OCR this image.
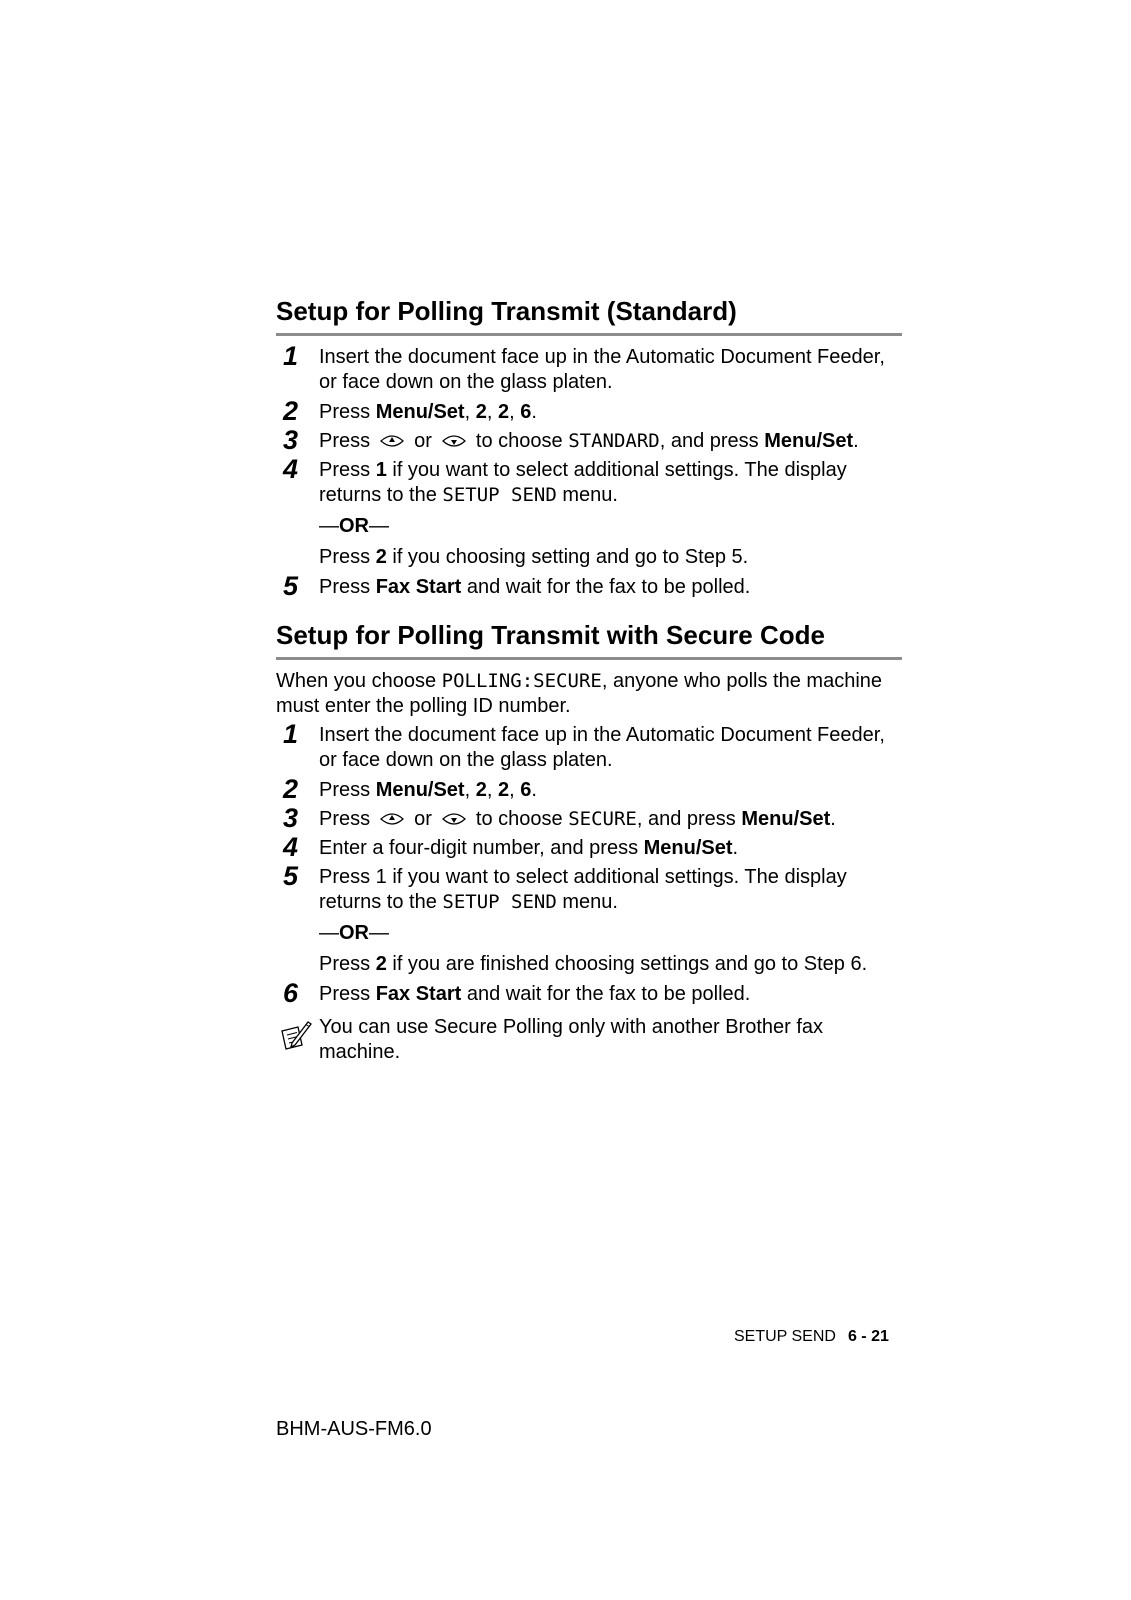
Setup for Polling Transmit (Standard)
1 Insert the document face up in the Automatic Document Feeder, or face down on the glass platen.
2 Press Menu/Set, 2, 2, 6.
3 Press or to choose STANDARD, and press Menu/Set.
4 Press 1 if you want to select additional settings. The display returns to the SETUP SEND menu.
—OR—
Press 2 if you choosing setting and go to Step 5.
5 Press Fax Start and wait for the fax to be polled.
Setup for Polling Transmit with Secure Code
When you choose POLLING:SECURE, anyone who polls the machine must enter the polling ID number.
1 Insert the document face up in the Automatic Document Feeder, or face down on the glass platen.
2 Press Menu/Set, 2, 2, 6.
3 Press or to choose SECURE, and press Menu/Set.
4 Enter a four-digit number, and press Menu/Set.
5 Press 1 if you want to select additional settings. The display returns to the SETUP SEND menu.
—OR—
Press 2 if you are finished choosing settings and go to Step 6.
6 Press Fax Start and wait for the fax to be polled.
You can use Secure Polling only with another Brother fax machine.
SETUP SEND 6 - 21
BHM-AUS-FM6.0
